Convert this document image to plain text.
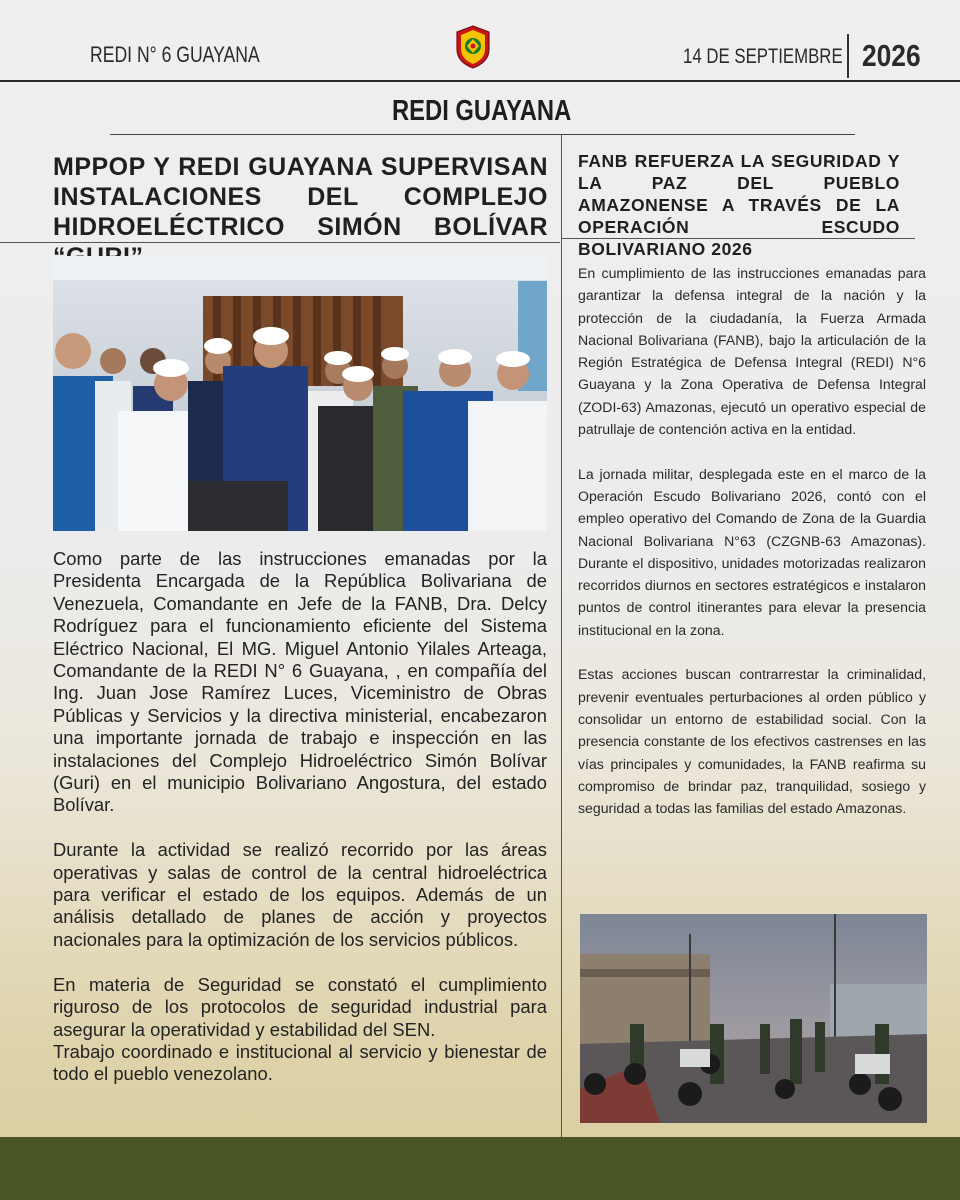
REDI N° 6 GUAYANA	14 DE SEPTIEMBRE 2026
REDI GUAYANA
MPPOP Y REDI GUAYANA SUPERVISAN INSTALACIONES DEL COMPLEJO HIDROELÉCTRICO SIMÓN BOLÍVAR

Como parte de las instrucciones emanadas por la Presidenta Encargada de la República Bolivariana de Venezuela, Comandante en Jefe de la FANB, Dra. Delcy Rodríguez para el funcionamiento eficiente del Sistema Eléctrico Nacional, El MG. Miguel Antonio Yilales Arteaga, Comandante de la REDI N° 6 Guayana, , en compañía del Ing. Juan Jose Ramírez Luces, Viceministro de Obras Públicas y Servicios y la directiva ministerial, encabezaron una importante jornada de trabajo e inspección en las instalaciones del Complejo Hidroeléctrico Simón Bolívar (Guri) en el municipio Bolivariano Angostura, del estado Bolívar.

Durante la actividad se realizó recorrido por las áreas operativas y salas de control de la central hidroeléctrica para verificar el estado de los equipos. Además de un análisis detallado de planes de acción y proyectos nacionales para la optimización de los servicios públicos.

En materia de Seguridad se constató el cumplimiento riguroso de los protocolos de seguridad industrial para asegurar la operatividad y estabilidad del SEN.

Trabajo coordinado e institucional al servicio y bienestar de todo el pueblo venezolano.

FANB REFUERZA LA SEGURIDAD Y LA PAZ DEL PUEBLO AMAZONENSE A TRAVÉS DE LA OPERACIÓN ESCUDO BOLIVARIANO 2026

En cumplimiento de las instrucciones emanadas para garantizar la defensa integral de la nación y la protección de la ciudadanía, la Fuerza Armada Nacional Bolivariana (FANB), bajo la articulación de la Región Estratégica de Defensa Integral (REDI) N°6 Guayana y la Zona Operativa de Defensa Integral (ZODI-63) Amazonas, ejecutó un operativo especial de patrullaje de contención activa en la entidad.

La jornada militar, desplegada este en el marco de la Operación Escudo Bolivariano 2026, contó con el empleo operativo del Comando de Zona de la Guardia Nacional Bolivariana N°63 (CZGNB-63 Amazonas). Durante el dispositivo, unidades motorizadas realizaron recorridos diurnos en sectores estratégicos e instalaron puntos de control itinerantes para elevar la presencia institucional en la zona.

Estas acciones buscan contrarrestar la criminalidad, prevenir eventuales perturbaciones al orden público y consolidar un entorno de estabilidad social. Con la presencia constante de los efectivos castrenses en las vías principales y comunidades, la FANB reafirma su compromiso de brindar paz, tranquilidad, sosiego y seguridad a todas las familias del estado Amazonas.
